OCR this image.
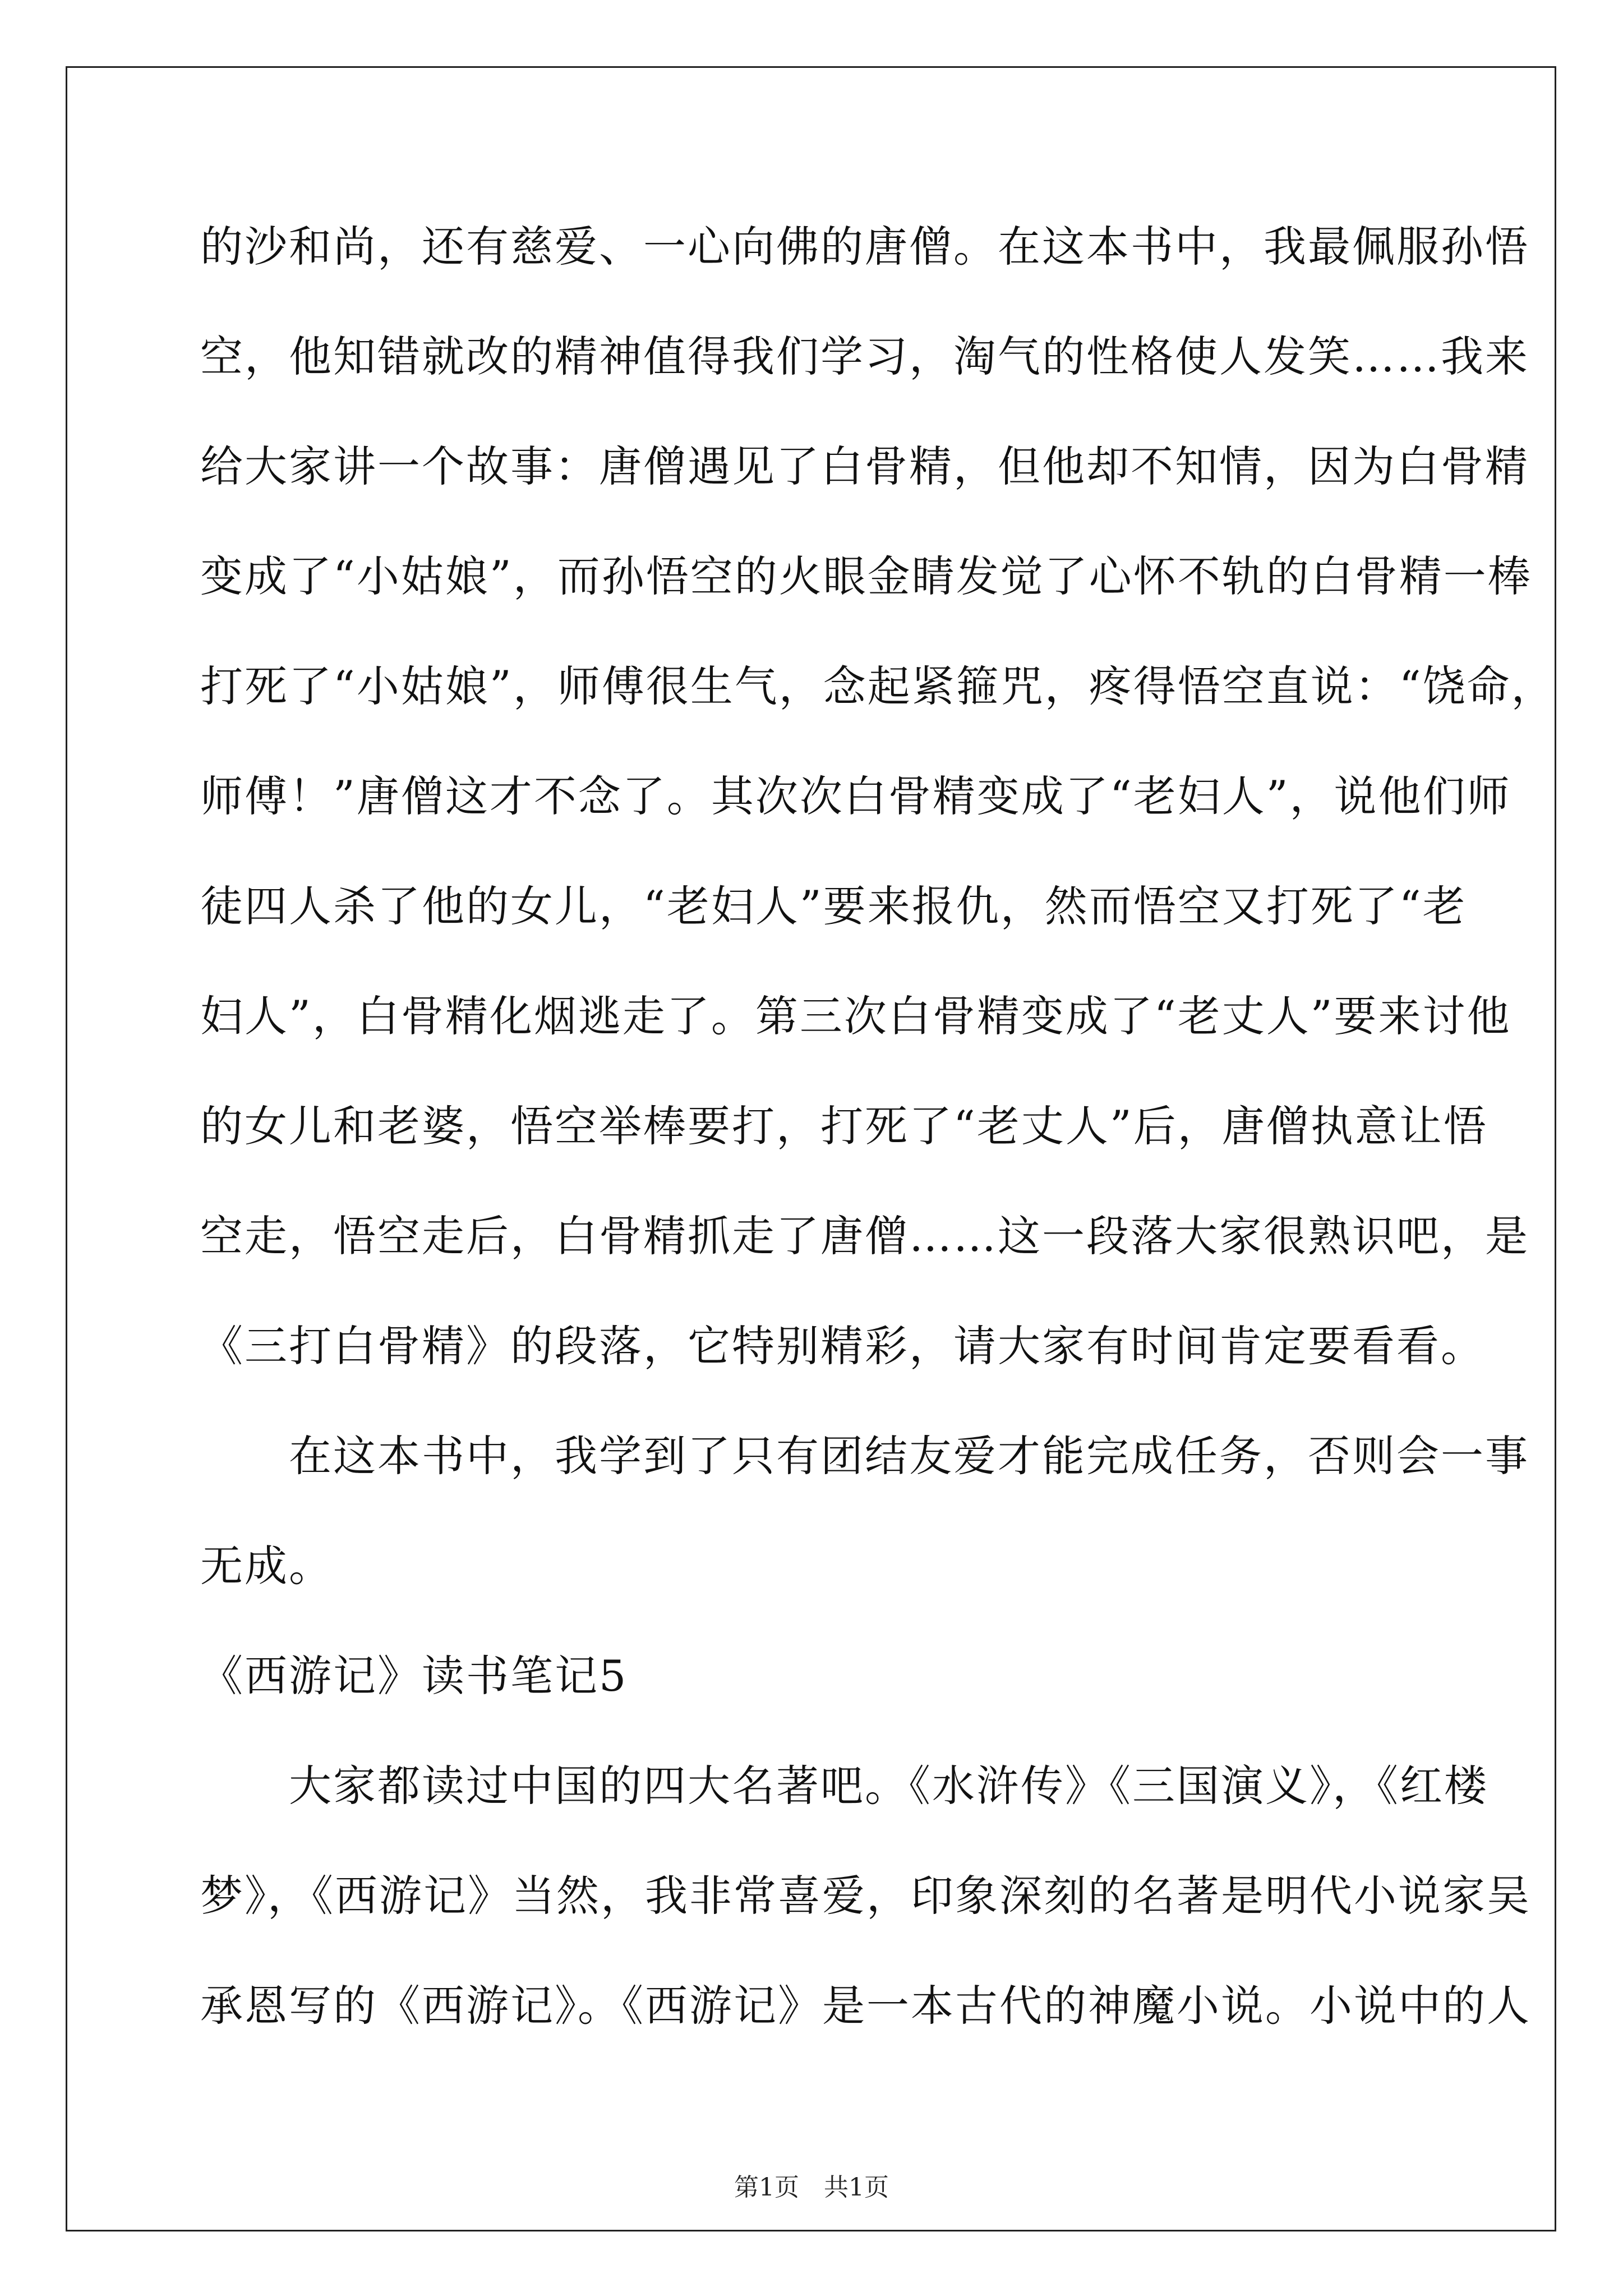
的沙和尚，还有慈爱、一心向佛的唐僧。在这本书中，我最佩服孙悟
空，他知错就改的精神值得我们学习，淘气的性格使人发笑……我来
给大家讲一个故事：唐僧遇见了白骨精，但他却不知情，因为白骨精
变成了“小姑娘”，而孙悟空的火眼金睛发觉了心怀不轨的白骨精一棒
打死了“小姑娘”，师傅很生气，念起紧箍咒，疼得悟空直说：“饶命，
师傅！”唐僧这才不念了。其次次白骨精变成了“老妇人”，说他们师
徒四人杀了他的女儿，“老妇人”要来报仇，然而悟空又打死了“老
妇人”，白骨精化烟逃走了。第三次白骨精变成了“老丈人”要来讨他
的女儿和老婆，悟空举棒要打，打死了“老丈人”后，唐僧执意让悟
空走，悟空走后，白骨精抓走了唐僧……这一段落大家很熟识吧，是
《三打白骨精》的段落，它特别精彩，请大家有时间肯定要看看。
　　在这本书中，我学到了只有团结友爱才能完成任务，否则会一事
无成。
《西游记》读书笔记5
　　大家都读过中国的四大名著吧。《水浒传》《三国演义》，《红楼
梦》，《西游记》当然，我非常喜爱，印象深刻的名著是明代小说家吴
承恩写的《西游记》。《西游记》是一本古代的神魔小说。小说中的人
第1页　共1页
